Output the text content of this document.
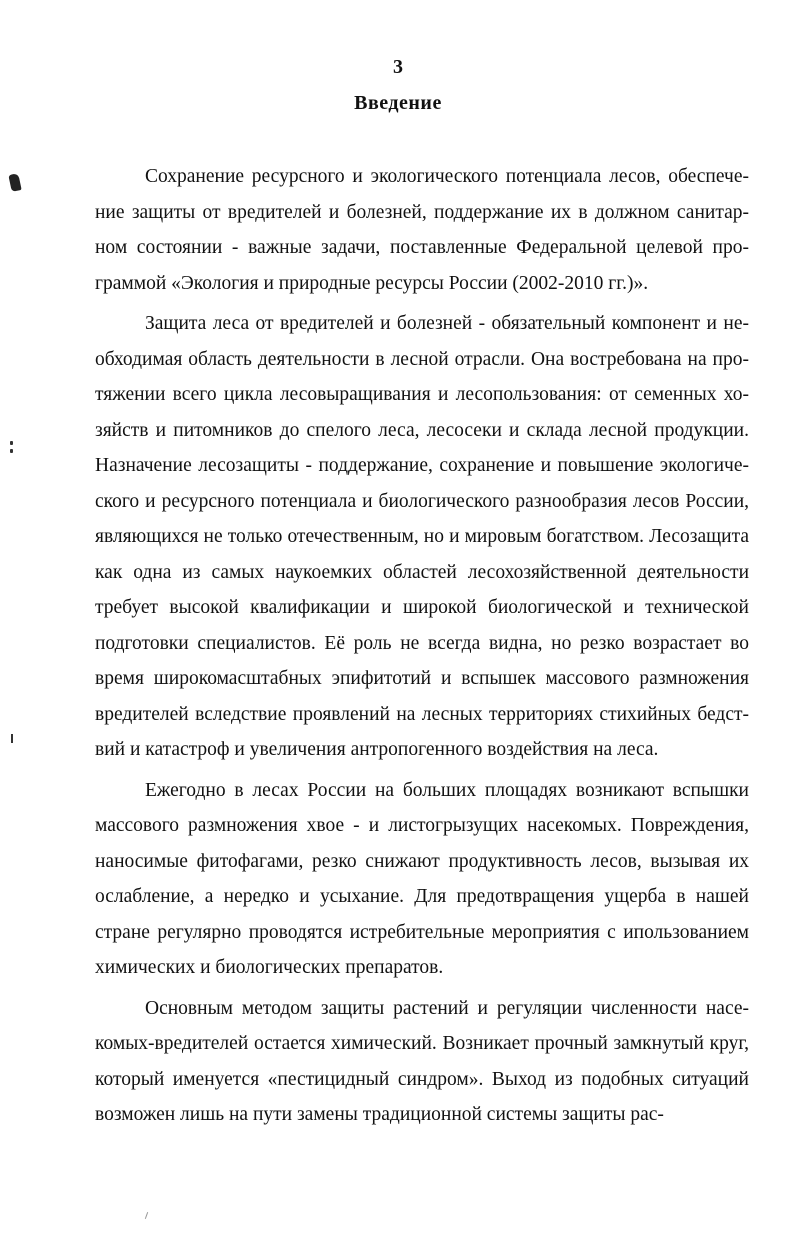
3
Введение

Сохранение ресурсного и экологического потенциала лесов, обеспечение защиты от вредителей и болезней, поддержание их в должном санитарном состоянии - важные задачи, поставленные Федеральной целевой программой «Экология и природные ресурсы России (2002-2010 гг.)».

Защита леса от вредителей и болезней - обязательный компонент и необходимая область деятельности в лесной отрасли. Она востребована на протяжении всего цикла лесовыращивания и лесопользования: от семенных хозяйств и питомников до спелого леса, лесосеки и склада лесной продукции. Назначение лесозащиты - поддержание, сохранение и повышение экологического и ресурсного потенциала и биологического разнообразия лесов России, являющихся не только отечественным, но и мировым богатством. Лесозащита как одна из самых наукоемких областей лесохозяйственной деятельности требует высокой квалификации и широкой биологической и технической подготовки специалистов. Её роль не всегда видна, но резко возрастает во время широкомасштабных эпифитотий и вспышек массового размножения вредителей вследствие проявлений на лесных территориях стихийных бедствий и катастроф и увеличения антропогенного воздействия на леса.

Ежегодно в лесах России на больших площадях возникают вспышки массового размножения хвое - и листогрызущих насекомых. Повреждения, наносимые фитофагами, резко снижают продуктивность лесов, вызывая их ослабление, а нередко и усыхание. Для предотвращения ущерба в нашей стране регулярно проводятся истребительные мероприятия с ипользованием химических и биологических препаратов.

Основным методом защиты растений и регуляции численности насекомых-вредителей остается химический. Возникает прочный замкнутый круг, который именуется «пестицидный синдром». Выход из подобных ситуаций возможен лишь на пути замены традиционной системы защиты рас-
